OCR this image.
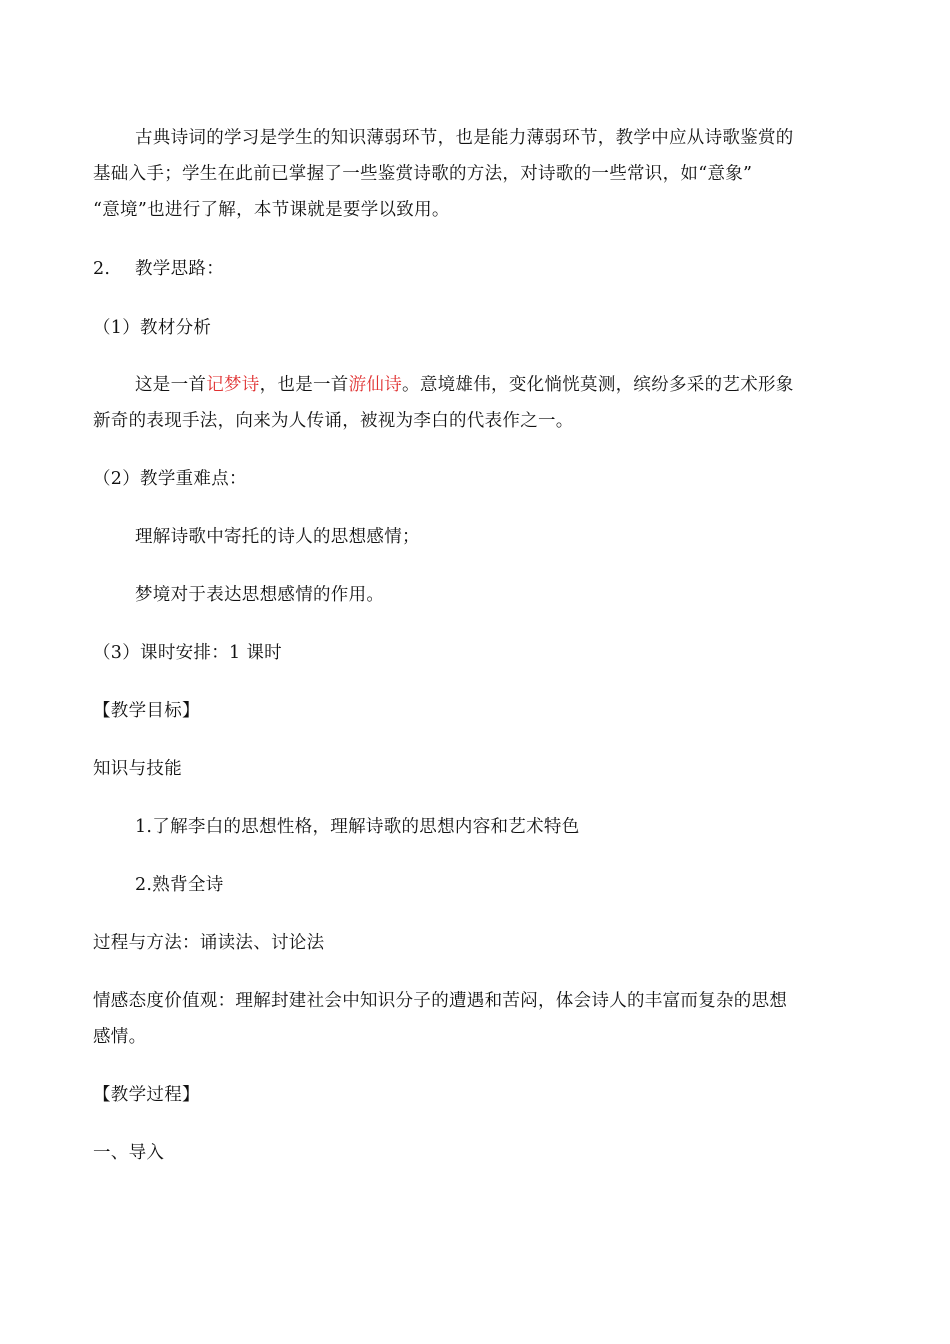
古典诗词的学习是学生的知识薄弱环节，也是能力薄弱环节，教学中应从诗歌鉴赏的
基础入手；学生在此前已掌握了一些鉴赏诗歌的方法，对诗歌的一些常识，如“意象”
“意境”也进行了解，本节课就是要学以致用。
2. 教学思路：
（1）教材分析
这是一首记梦诗，也是一首游仙诗。意境雄伟，变化惝恍莫测，缤纷多采的艺术形象
新奇的表现手法，向来为人传诵，被视为李白的代表作之一。
（2）教学重难点：
理解诗歌中寄托的诗人的思想感情；
梦境对于表达思想感情的作用。
（3）课时安排：1 课时
【教学目标】
知识与技能
1.了解李白的思想性格，理解诗歌的思想内容和艺术特色
2.熟背全诗
过程与方法：诵读法、讨论法
情感态度价值观：理解封建社会中知识分子的遭遇和苦闷，体会诗人的丰富而复杂的思想
感情。
【教学过程】
一、导入
